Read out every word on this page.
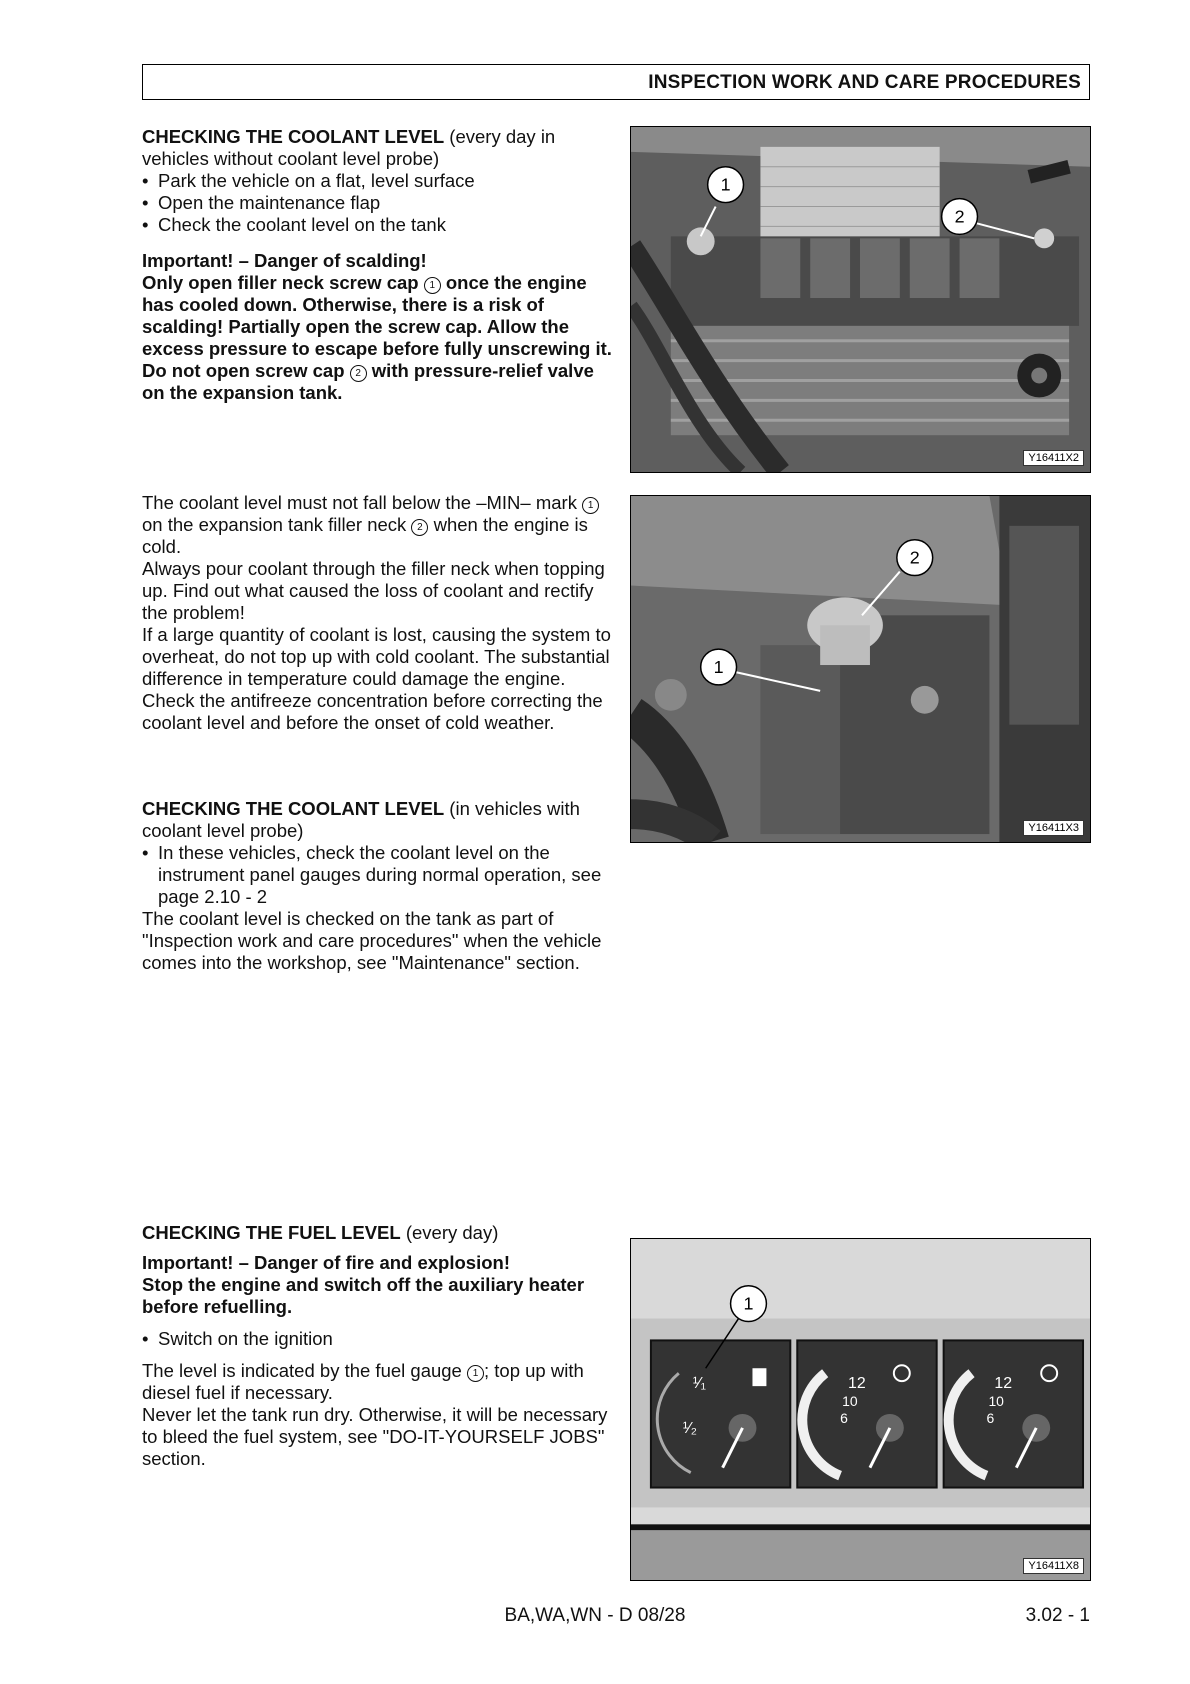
INSPECTION WORK AND CARE PROCEDURES

CHECKING THE COOLANT LEVEL (every day in vehicles without coolant level probe)

• Park the vehicle on a flat, level surface
• Open the maintenance flap
• Check the coolant level on the tank

Important! – Danger of scalding!

Only open filler neck screw cap 1 once the engine has cooled down. Otherwise, there is a risk of scalding! Partially open the screw cap. Allow the excess pressure to escape before fully unscrewing it.

Do not open screw cap 2 with pressure-relief valve on the expansion tank.

The coolant level must not fall below the –MIN– mark 1 on the expansion tank filler neck 2 when the engine is cold.

Always pour coolant through the filler neck when topping up. Find out what caused the loss of coolant and rectify the problem!

If a large quantity of coolant is lost, causing the system to overheat, do not top up with cold coolant. The substantial difference in temperature could damage the engine.

Check the antifreeze concentration before correcting the coolant level and before the onset of cold weather.

CHECKING THE COOLANT LEVEL (in vehicles with coolant level probe)

• In these vehicles, check the coolant level on the instrument panel gauges during normal operation, see page 2.10 - 2

The coolant level is checked on the tank as part of "Inspection work and care procedures" when the vehicle comes into the workshop, see "Maintenance" section.

CHECKING THE FUEL LEVEL (every day)

Important! – Danger of fire and explosion!

Stop the engine and switch off the auxiliary heater before refuelling.

• Switch on the ignition

The level is indicated by the fuel gauge 1 ; top up with diesel fuel if necessary.

Never let the tank run dry. Otherwise, it will be necessary to bleed the fuel system, see "DO-IT-YOURSELF JOBS" section.

1
2
Y16411X2
2
1
Y16411X3
¹⁄₁
¹⁄₂
12
10
6
12
10
6
1
Y16411X8
BA,WA,WN - D 08/28	3.02 - 1
